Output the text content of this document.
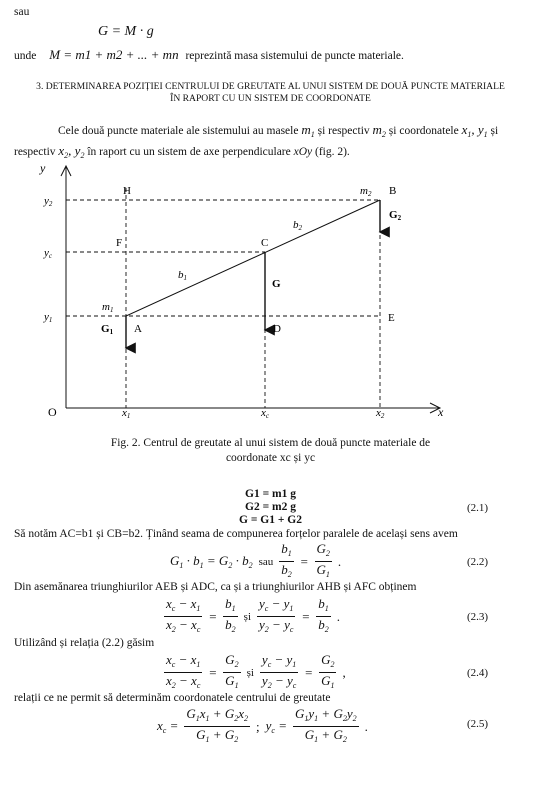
sau
G = M · g
unde M = m1 + m2 + ... + mn reprezintă masa sistemului de puncte materiale.
3. DETERMINAREA POZIȚIEI CENTRULUI DE GREUTATE AL UNUI SISTEM DE DOUĂ PUNCTE MATERIALE
ÎN RAPORT CU UN SISTEM DE COORDONATE
Cele două puncte materiale ale sistemului au masele $m_1$ și respectiv $m_2$ și coordonatele $x_1$, $y_1$ și
respectiv $x_2$, $y_2$ în raport cu un sistem de axe perpendiculare xOy (fig. 2).
y
x
O
H	B
F	C
A	D
E
m2
m1
b2
b1
G1
G
G2
y2
yc
y1
x1	xc	x2
Fig. 2. Centrul de greutate al unui sistem de două puncte materiale de
coordonate xc și yc
G1 = m1 g
G2 = m2 g
G = G1 + G2
(2.1)
Să notăm AC=b1 și CB=b2. Ținând seama de compunerea forțelor paralele de același sens avem
$G_1 \cdot b_1 = G_2 \cdot b_2$ sau $\frac{b_1}{b_2} = \frac{G_2}{G_1}$ .	(2.2)
Din asemănarea triunghiurilor AEB și ADC, ca și a triunghiurilor AHB și AFC obținem
$\frac{x_c - x_1}{x_2 - x_c} = \frac{b_1}{b_2}$ și $\frac{y_c - y_1}{y_2 - y_c} = \frac{b_1}{b_2}$ .	(2.3)
Utilizând și relația (2.2) găsim
$\frac{x_c - x_1}{x_2 - x_c} = \frac{G_2}{G_1}$ și $\frac{y_c - y_1}{y_2 - y_c} = \frac{G_2}{G_1}$ ,	(2.4)
relații ce ne permit să determinăm coordonatele centrului de greutate
$x_c = \frac{G_1x_1 + G_2x_2}{G_1 + G_2}$ ; $y_c = \frac{G_1y_1 + G_2y_2}{G_1 + G_2}$ .	(2.5)
